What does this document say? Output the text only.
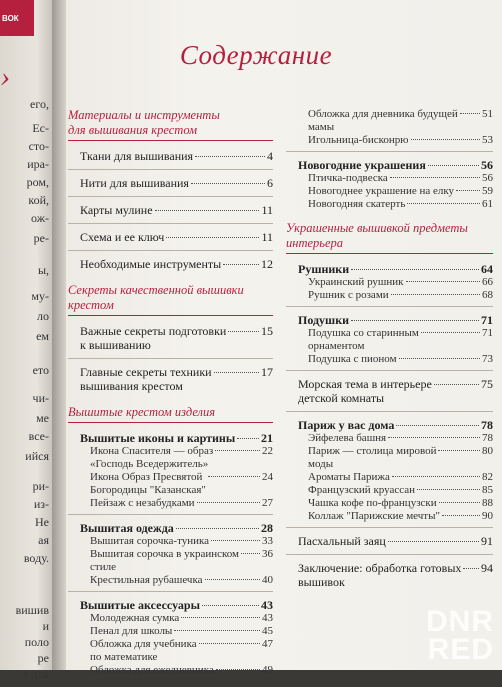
ВОК
›
его,
Ес-
сто-
ира-
ром,
кой,
ож-
ре-
ы,
му-
ло
ем
ето
чи-
ме
все-
ийся
ри-
из-
Не
ая
воду.
вишив
и
поло
ре
т для
Содержание
Материалы и инструменты
для вышивания крестом
Ткани для вышивания	4
Нити для вышивания	6
Карты мулине	11
Схема и ее ключ	11
Необходимые инструменты	12
Секреты качественной вышивки
крестом
Важные секреты подготовки
к вышиванию
15
Главные секреты техники
вышивания крестом
17
Вышитые крестом изделия
Вышитые иконы и картины 21
Икона Спасителя — образ
«Господь Вседержитель»
22
Икона Образ Пресвятой
Богородицы "Казанская"
24
Пейзаж с незабудками	27
Вышитая одежда	28
Вышитая сорочка-туника	33
Вышитая сорочка в украинском
стиле
36
Крестильная рубашечка	40
Вышитые аксессуары	43
Молодежная сумка	43
Пенал для школы	45
Обложка для учебника
по математике
47
Обложка для ежедневника	49
Обложка для дневника будущей
мамы
51
Игольница-бисконрю	53
Новогодние украшения	56
Птичка-подвеска	56
Новогоднее украшение на елку	59
Новогодняя скатерть	61
Украшенные вышивкой предметы
интерьера
Рушники	64
Украинский рушник	66
Рушник с розами	68
Подушки	71
Подушка со старинным
орнаментом
71
Подушка с пионом	73
Морская тема в интерьере
детской комнаты
75
Париж у вас дома	78
Эйфелева башня	78
Париж — столица мировой
моды
80
Ароматы Парижа	82
Французский круассан	85
Чашка кофе по-французски	88
Коллаж "Парижские мечты"	90
Пасхальный заяц	91
Заключение: обработка готовых
вышивок
94
DNR
RED
